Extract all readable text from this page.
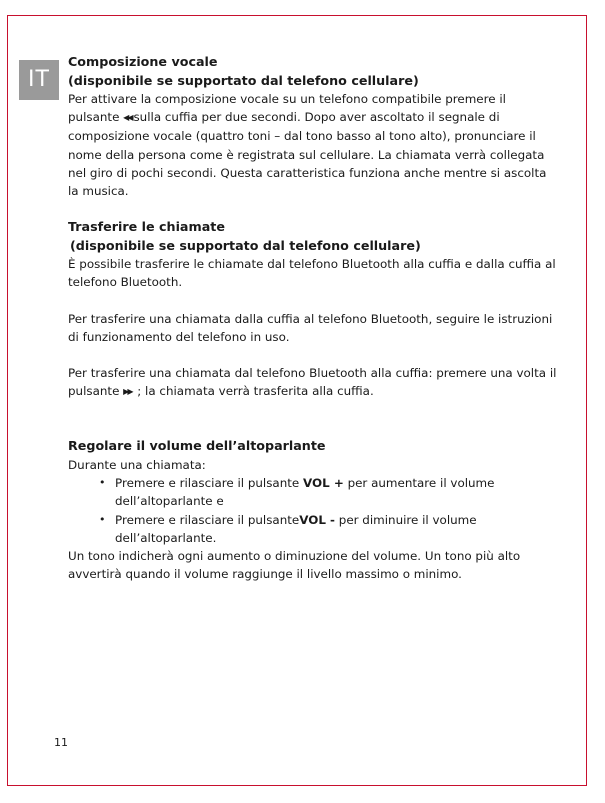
IT
Composizione vocale
(disponibile se supportato dal telefono cellulare)

Per attivare la composizione vocale su un telefono compatibile premere il pulsante ◀◀ sulla cuffia per due secondi. Dopo aver ascoltato il segnale di composizione vocale (quattro toni – dal tono basso al tono alto), pronunciare il nome della persona come è registrata sul cellulare. La chiamata verrà collegata nel giro di pochi secondi. Questa caratteristica funziona anche mentre si ascolta la musica.

Trasferire le chiamate
(disponibile se supportato dal telefono cellulare)

È possibile trasferire le chiamate dal telefono Bluetooth alla cuffia e dalla cuffia al telefono Bluetooth.

Per trasferire una chiamata dalla cuffia al telefono Bluetooth, seguire le istruzioni di funzionamento del telefono in uso.

Per trasferire una chiamata dal telefono Bluetooth alla cuffia: premere una volta il pulsante ▶▶ ; la chiamata verrà trasferita alla cuffia.

Regolare il volume dell’altoparlante

Durante una chiamata:

• Premere e rilasciare il pulsante VOL + per aumentare il volume dell’altoparlante e
• Premere e rilasciare il pulsanteVOL - per diminuire il volume dell’altoparlante.

Un tono indicherà ogni aumento o diminuzione del volume. Un tono più alto avvertirà quando il volume raggiunge il livello massimo o minimo.

11
